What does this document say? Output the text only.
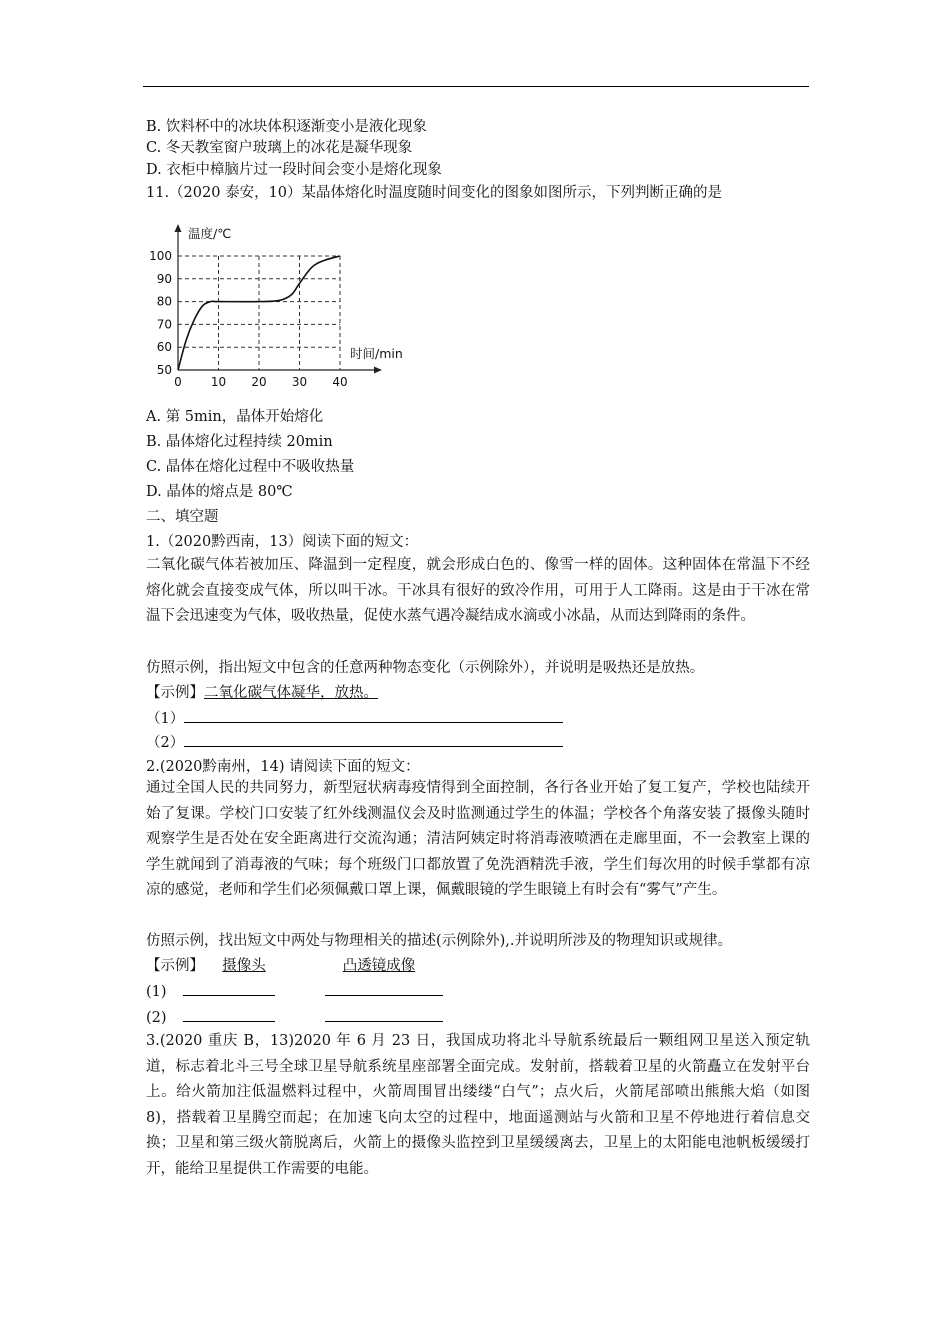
B. 饮料杯中的冰块体积逐渐变小是液化现象
C. 冬天教室窗户玻璃上的冰花是凝华现象
D. 衣柜中樟脑片过一段时间会变小是熔化现象
11.（2020 泰安，10）某晶体熔化时温度随时间变化的图象如图所示，下列判断正确的是
0 10 20 30 40
50
60
70
80
90
100
温度/℃
时间/min
A. 第 5min，晶体开始熔化
B. 晶体熔化过程持续 20min
C. 晶体在熔化过程中不吸收热量
D. 晶体的熔点是 80℃
二、填空题
1.（2020黔西南，13）阅读下面的短文：
二氧化碳气体若被加压、降温到一定程度，就会形成白色的、像雪一样的固体。这种固体在常温下不经熔化就会直接变成气体，所以叫干冰。干冰具有很好的致冷作用，可用于人工降雨。这是由于干冰在常温下会迅速变为气体，吸收热量，促使水蒸气遇冷凝结成水滴或小冰晶，从而达到降雨的条件。
仿照示例，指出短文中包含的任意两种物态变化（示例除外），并说明是吸热还是放热。
【示例】二氧化碳气体凝华，放热。
（1）
（2）
2.(2020黔南州，14) 请阅读下面的短文：
通过全国人民的共同努力，新型冠状病毒疫情得到全面控制，各行各业开始了复工复产，学校也陆续开始了复课。学校门口安装了红外线测温仪会及时监测通过学生的体温；学校各个角落安装了摄像头随时观察学生是否处在安全距离进行交流沟通；清洁阿姨定时将消毒液喷洒在走廊里面，不一会教室上课的学生就闻到了消毒液的气味；每个班级门口都放置了免洗酒精洗手液，学生们每次用的时候手掌都有凉凉的感觉，老师和学生们必须佩戴口罩上课，佩戴眼镜的学生眼镜上有时会有“雾气”产生。
仿照示例，找出短文中两处与物理相关的描述(示例除外),.并说明所涉及的物理知识或规律。
【示例】 摄像头	凸透镜成像
(1)
(2)
3.(2020 重庆 B，13)2020 年 6 月 23 日，我国成功将北斗导航系统最后一颗组网卫星送入预定轨道，标志着北斗三号全球卫星导航系统星座部署全面完成。发射前，搭载着卫星的火箭矗立在发射平台上。给火箭加注低温燃料过程中，火箭周围冒出缕缕“白气”；点火后，火箭尾部喷出熊熊大焰（如图 8)，搭载着卫星腾空而起；在加速飞向太空的过程中，地面遥测站与火箭和卫星不停地进行着信息交换；卫星和第三级火箭脱离后，火箭上的摄像头监控到卫星缓缓离去，卫星上的太阳能电池帆板缓缓打开，能给卫星提供工作需要的电能。
